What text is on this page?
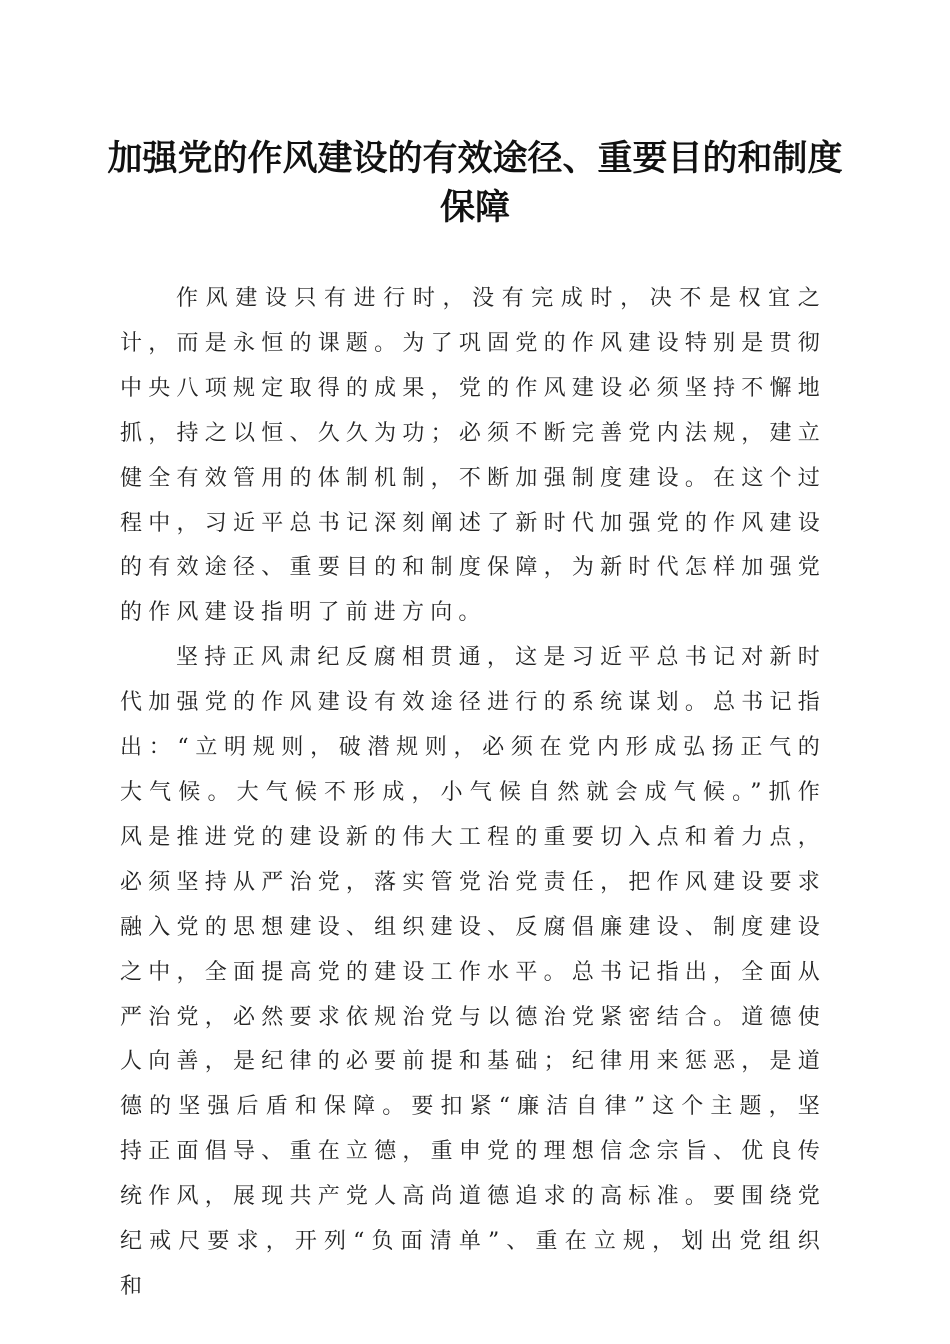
加强党的作风建设的有效途径、重要目的和制度保障

作风建设只有进行时，没有完成时，决不是权宜之计，而是永恒的课题。为了巩固党的作风建设特别是贯彻中央八项规定取得的成果，党的作风建设必须坚持不懈地抓，持之以恒、久久为功；必须不断完善党内法规，建立健全有效管用的体制机制，不断加强制度建设。在这个过程中，习近平总书记深刻阐述了新时代加强党的作风建设的有效途径、重要目的和制度保障，为新时代怎样加强党的作风建设指明了前进方向。

坚持正风肃纪反腐相贯通，这是习近平总书记对新时代加强党的作风建设有效途径进行的系统谋划。总书记指出：“立明规则，破潜规则，必须在党内形成弘扬正气的大气候。大气候不形成，小气候自然就会成气候。”抓作风是推进党的建设新的伟大工程的重要切入点和着力点，必须坚持从严治党，落实管党治党责任，把作风建设要求融入党的思想建设、组织建设、反腐倡廉建设、制度建设之中，全面提高党的建设工作水平。总书记指出，全面从严治党，必然要求依规治党与以德治党紧密结合。道德使人向善，是纪律的必要前提和基础；纪律用来惩恶，是道德的坚强后盾和保障。要扣紧“廉洁自律”这个主题，坚持正面倡导、重在立德，重申党的理想信念宗旨、优良传统作风，展现共产党人高尚道德追求的高标准。要围绕党纪戒尺要求，开列“负面清单”、重在立规，划出党组织和
